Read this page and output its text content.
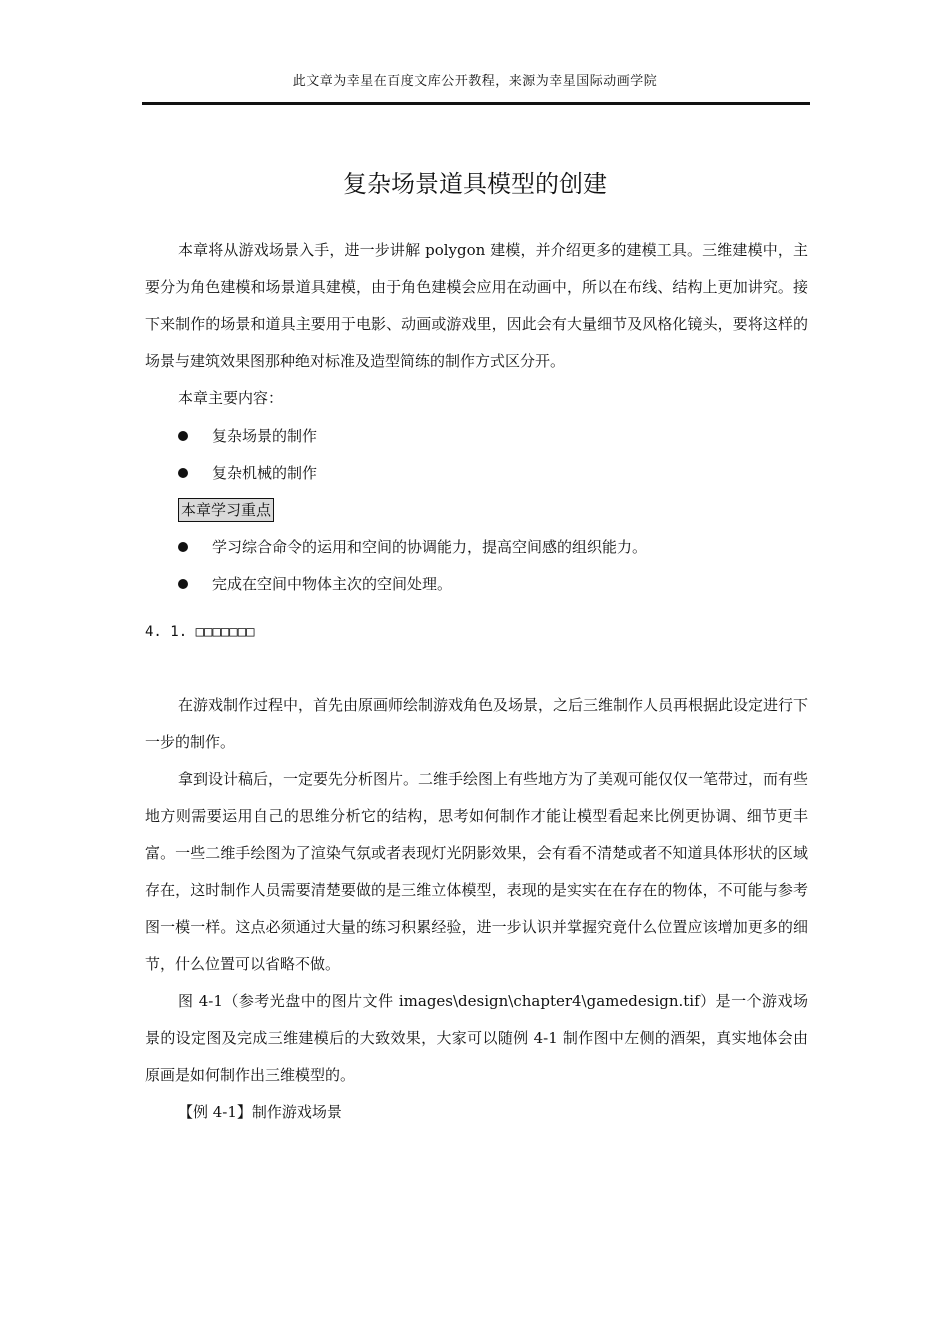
此文章为幸星在百度文库公开教程，来源为幸星国际动画学院
复杂场景道具模型的创建

本章将从游戏场景入手，进一步讲解 polygon 建模，并介绍更多的建模工具。三维建模中，主要分为角色建模和场景道具建模，由于角色建模会应用在动画中，所以在布线、结构上更加讲究。接下来制作的场景和道具主要用于电影、动画或游戏里，因此会有大量细节及风格化镜头，要将这样的场景与建筑效果图那种绝对标准及造型简练的制作方式区分开。

本章主要内容：

复杂场景的制作
复杂机械的制作
本章学习重点
学习综合命令的运用和空间的协调能力，提高空间感的组织能力。
完成在空间中物体主次的空间处理。
4. 1. □□□□□□□

在游戏制作过程中，首先由原画师绘制游戏角色及场景，之后三维制作人员再根据此设定进行下一步的制作。

拿到设计稿后，一定要先分析图片。二维手绘图上有些地方为了美观可能仅仅一笔带过，而有些地方则需要运用自己的思维分析它的结构，思考如何制作才能让模型看起来比例更协调、细节更丰富。一些二维手绘图为了渲染气氛或者表现灯光阴影效果，会有看不清楚或者不知道具体形状的区域存在，这时制作人员需要清楚要做的是三维立体模型，表现的是实实在在存在的物体，不可能与参考图一模一样。这点必须通过大量的练习积累经验，进一步认识并掌握究竟什么位置应该增加更多的细节，什么位置可以省略不做。

图 4-1（参考光盘中的图片文件 images\design\chapter4\gamedesign.tif）是一个游戏场景的设定图及完成三维建模后的大致效果，大家可以随例 4-1 制作图中左侧的酒架，真实地体会由原画是如何制作出三维模型的。

【例 4-1】制作游戏场景
